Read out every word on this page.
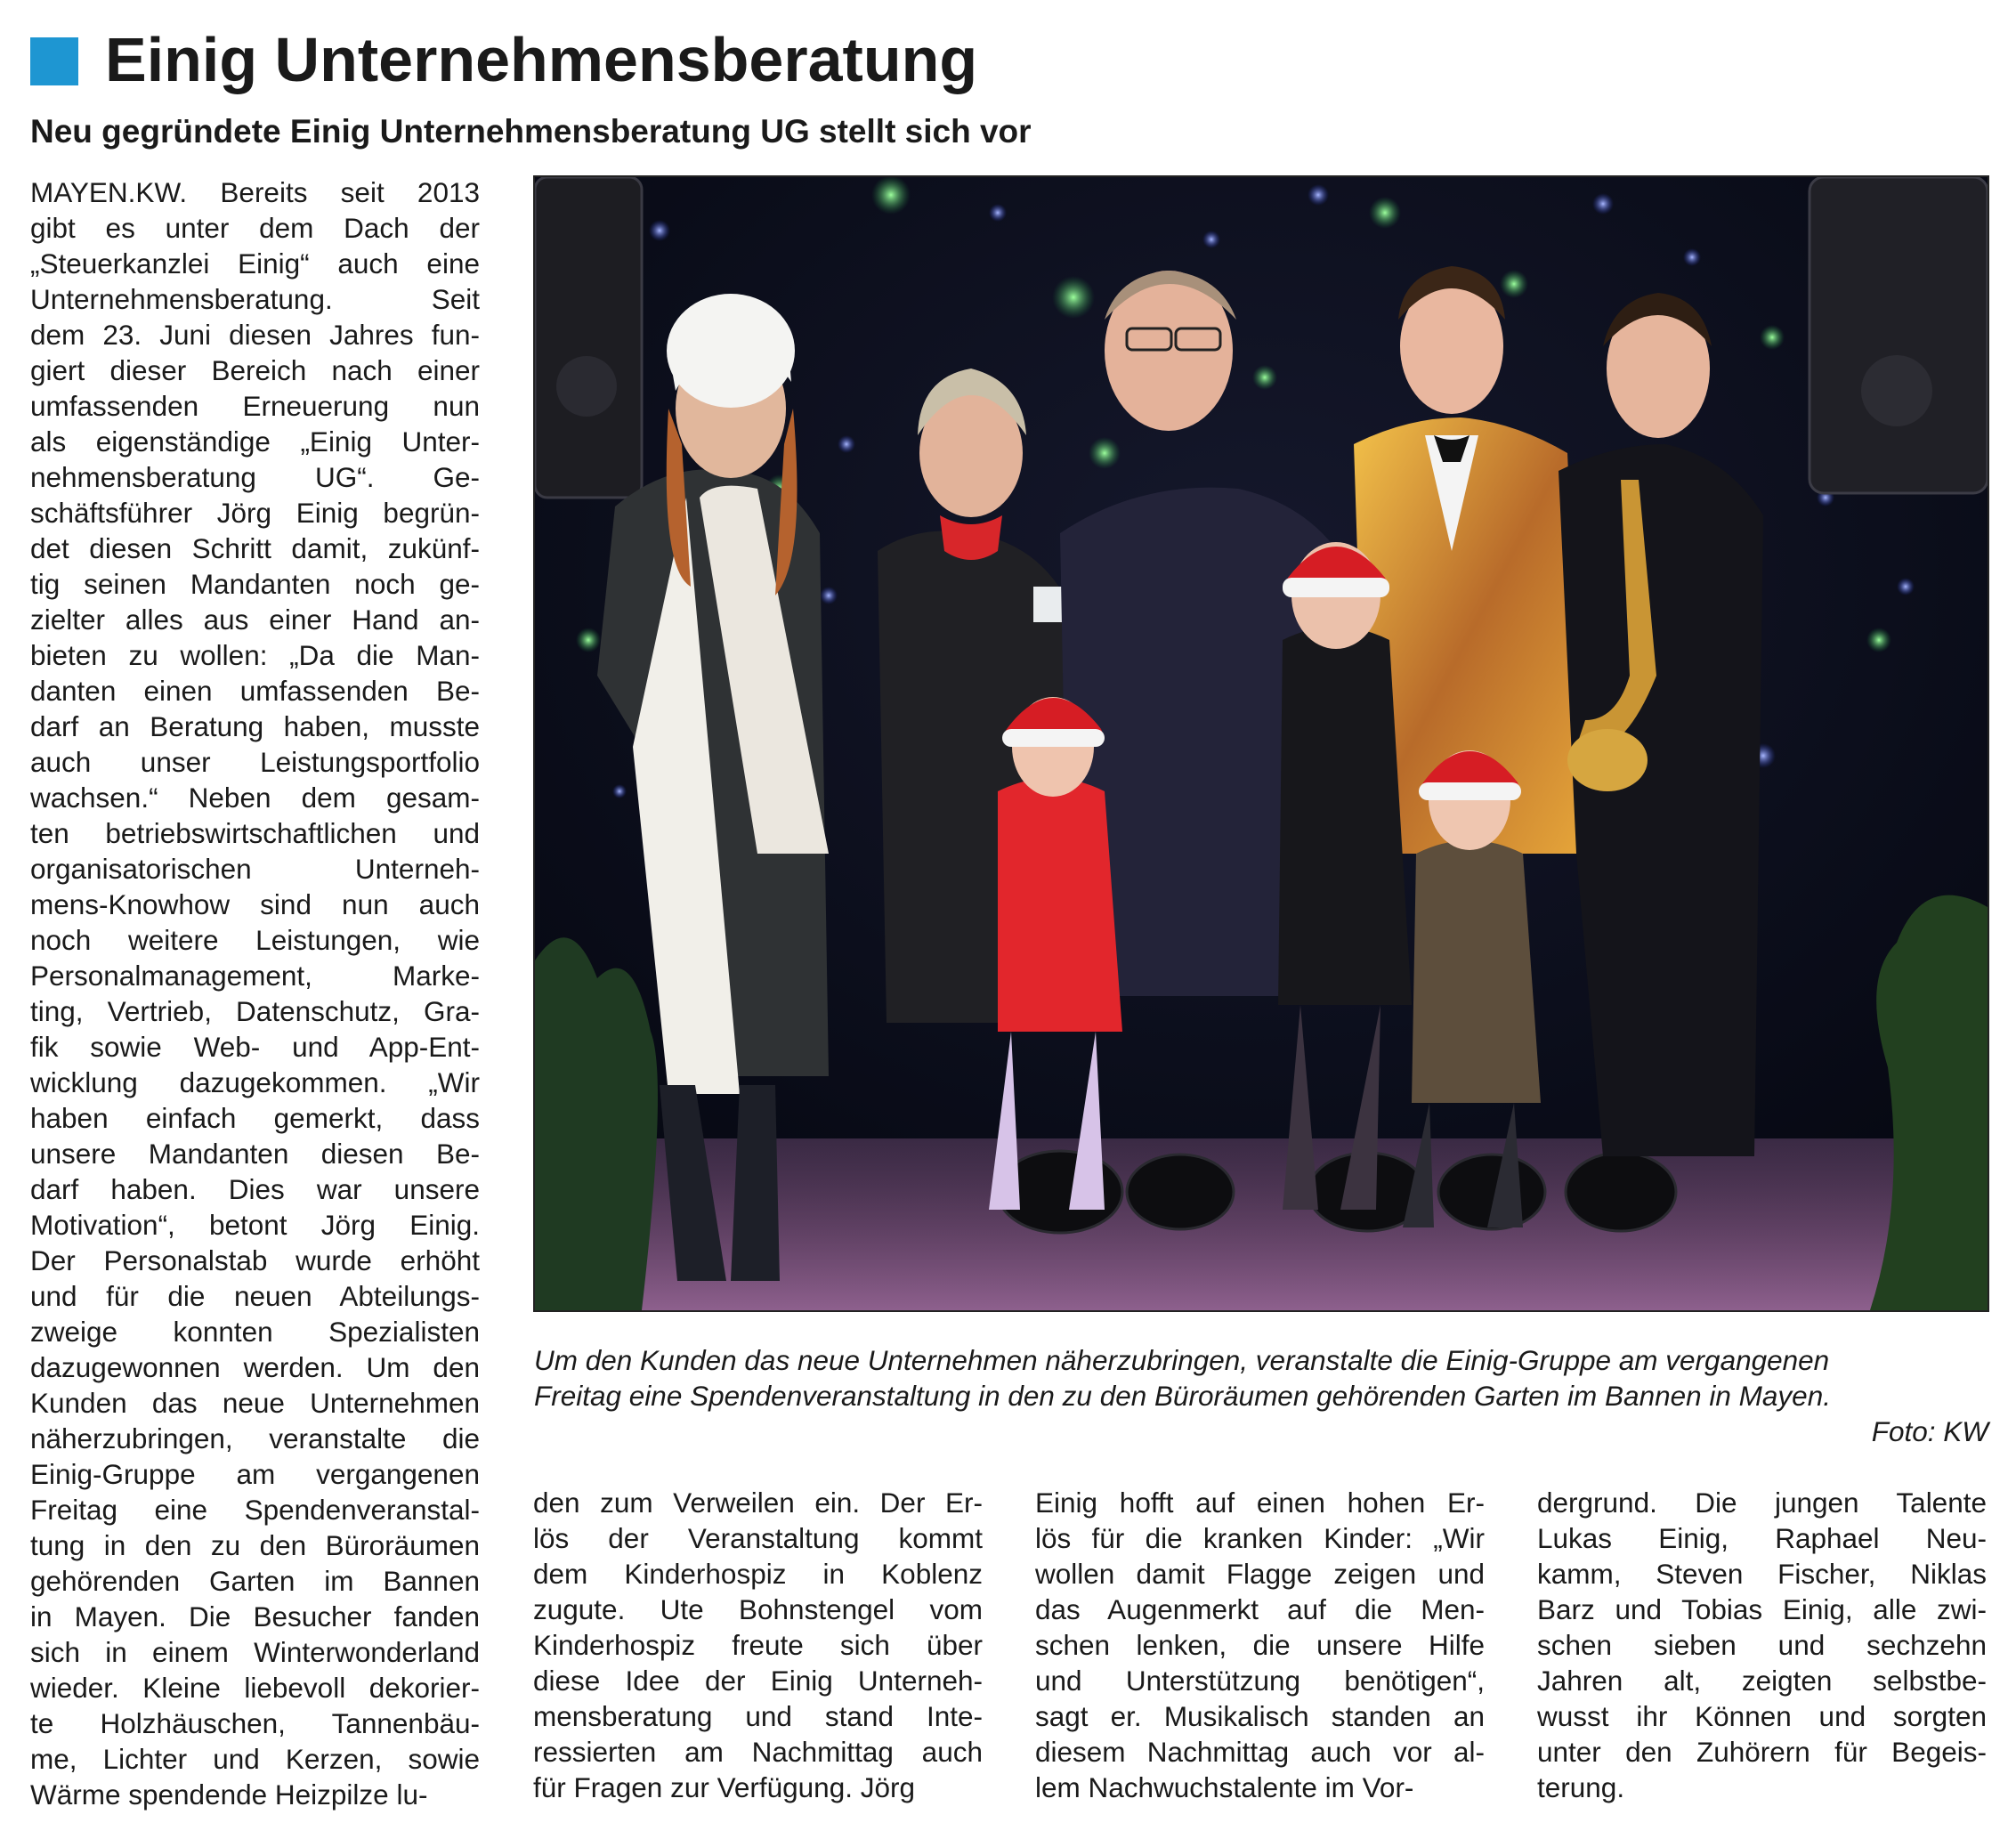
Einig Unternehmensberatung
Neu gegründete Einig Unternehmensberatung UG stellt sich vor
MAYEN.KW. Bereits seit 2013
gibt es unter dem Dach der
„Steuerkanzlei Einig“ auch eine
Unternehmensberatung. Seit
dem 23. Juni diesen Jahres fun-
giert dieser Bereich nach einer
umfassenden Erneuerung nun
als eigenständige „Einig Unter-
nehmensberatung UG“. Ge-
schäftsführer Jörg Einig begrün-
det diesen Schritt damit, zukünf-
tig seinen Mandanten noch ge-
zielter alles aus einer Hand an-
bieten zu wollen: „Da die Man-
danten einen umfassenden Be-
darf an Beratung haben, musste
auch unser Leistungsportfolio
wachsen.“ Neben dem gesam-
ten betriebswirtschaftlichen und
organisatorischen Unterneh-
mens-Knowhow sind nun auch
noch weitere Leistungen, wie
Personalmanagement, Marke-
ting, Vertrieb, Datenschutz, Gra-
fik sowie Web- und App-Ent-
wicklung dazugekommen. „Wir
haben einfach gemerkt, dass
unsere Mandanten diesen Be-
darf haben. Dies war unsere
Motivation“, betont Jörg Einig.
Der Personalstab wurde erhöht
und für die neuen Abteilungs-
zweige konnten Spezialisten
dazugewonnen werden. Um den
Kunden das neue Unternehmen
näherzubringen, veranstalte die
Einig-Gruppe am vergangenen
Freitag eine Spendenveranstal-
tung in den zu den Büroräumen
gehörenden Garten im Bannen
in Mayen. Die Besucher fanden
sich in einem Winterwonderland
wieder. Kleine liebevoll dekorier-
te Holzhäuschen, Tannenbäu-
me, Lichter und Kerzen, sowie
Wärme spendende Heizpilze lu-
den zum Verweilen ein. Der Er-
lös der Veranstaltung kommt
dem Kinderhospiz in Koblenz
zugute. Ute Bohnstengel vom
Kinderhospiz freute sich über
diese Idee der Einig Unterneh-
mensberatung und stand Inte-
ressierten am Nachmittag auch
für Fragen zur Verfügung. Jörg
Einig hofft auf einen hohen Er-
lös für die kranken Kinder: „Wir
wollen damit Flagge zeigen und
das Augenmerkt auf die Men-
schen lenken, die unsere Hilfe
und Unterstützung benötigen“,
sagt er. Musikalisch standen an
diesem Nachmittag auch vor al-
lem Nachwuchstalente im Vor-
dergrund. Die jungen Talente
Lukas Einig, Raphael Neu-
kamm, Steven Fischer, Niklas
Barz und Tobias Einig, alle zwi-
schen sieben und sechzehn
Jahren alt, zeigten selbstbe-
wusst ihr Können und sorgten
unter den Zuhörern für Begeis-
terung.
Um den Kunden das neue Unternehmen näherzubringen, veranstalte die Einig-Gruppe am vergangenen
Freitag eine Spendenveranstaltung in den zu den Büroräumen gehörenden Garten im Bannen in Mayen.
Foto: KW
